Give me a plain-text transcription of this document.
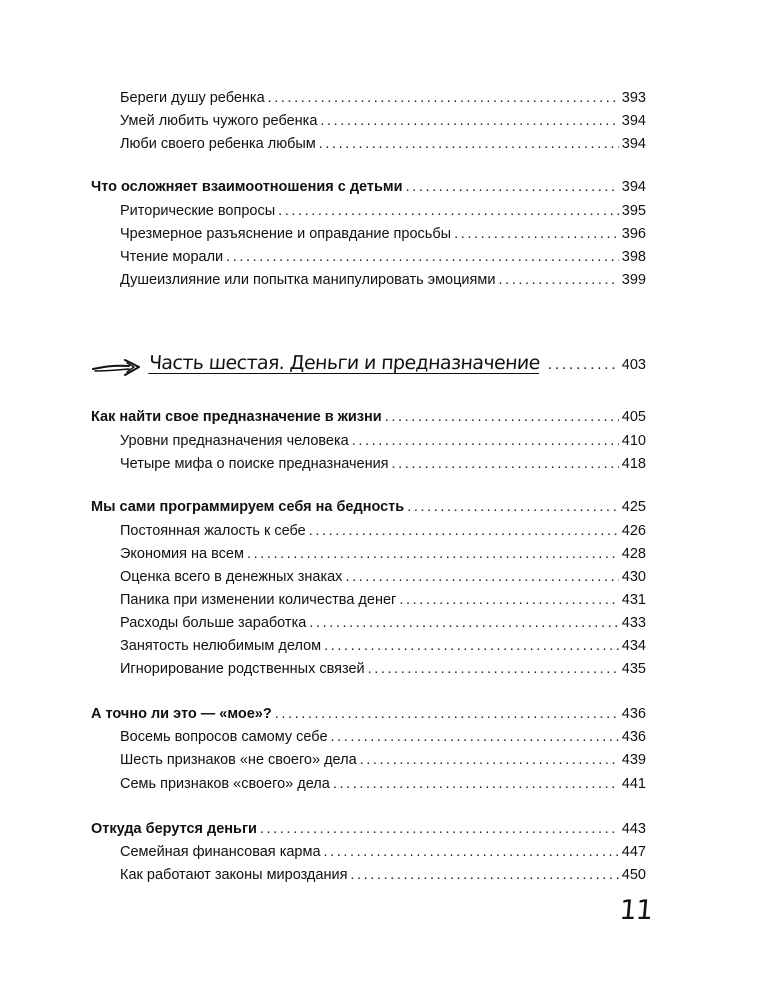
Береги душу ребенка .....	393
Умей любить чужого ребенка .....	394
Люби своего ребенка любым .....	394
Что осложняет взаимоотношения с детьми .....	394
Риторические вопросы .....	395
Чрезмерное разъяснение и оправдание просьбы .....	396
Чтение морали .....	398
Душеизлияние или попытка манипулировать эмоциями .....	399
Часть шестая. Деньги и предназначение .....	403
Как найти свое предназначение в жизни .....	405
Уровни предназначения человека .....	410
Четыре мифа о поиске предназначения .....	418
Мы сами программируем себя на бедность .....	425
Постоянная жалость к себе .....	426
Экономия на всем .....	428
Оценка всего в денежных знаках .....	430
Паника при изменении количества денег .....	431
Расходы больше заработка .....	433
Занятость нелюбимым делом .....	434
Игнорирование родственных связей .....	435
А точно ли это — «мое»? .....	436
Восемь вопросов самому себе .....	436
Шесть признаков «не своего» дела .....	439
Семь признаков «своего» дела .....	441
Откуда берутся деньги .....	443
Семейная финансовая карма .....	447
Как работают законы мироздания .....	450
11
